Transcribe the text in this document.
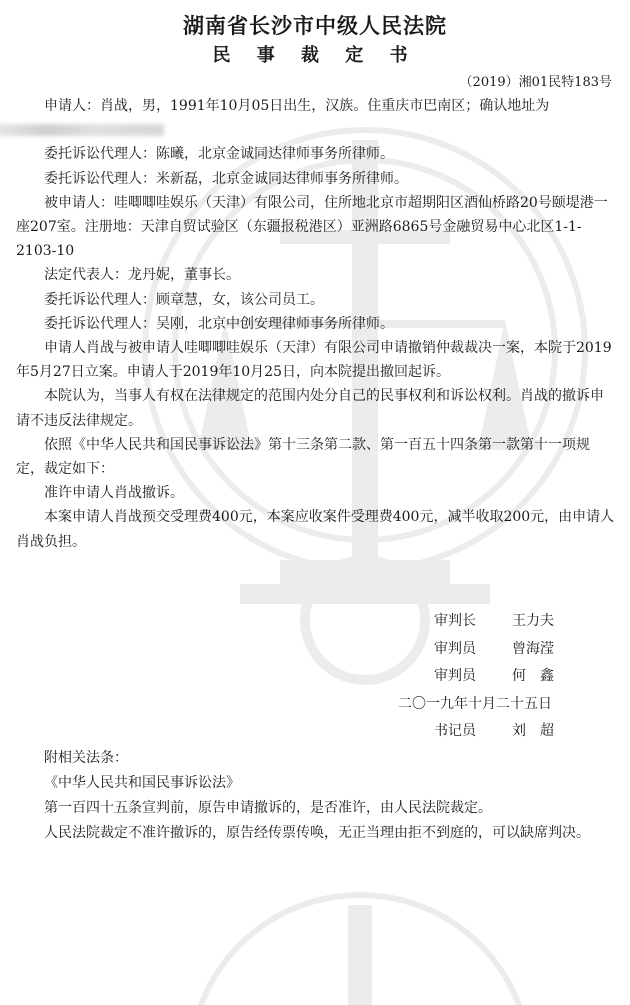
湖南省长沙市中级人民法院
民 事 裁 定 书
（2019）湘01民特183号

申请人：肖战，男，1991年10月05日出生，汉族。住重庆市巴南区；确认地址为

委托诉讼代理人：陈曦，北京金诚同达律师事务所律师。

委托诉讼代理人：米新磊，北京金诚同达律师事务所律师。

被申请人：哇唧唧哇娱乐（天津）有限公司，住所地北京市超期阳区酒仙桥路20号颐堤港一座207室。注册地：天津自贸试验区（东疆报税港区）亚洲路6865号金融贸易中心北区1-1-2103-10

法定代表人：龙丹妮，董事长。

委托诉讼代理人：顾章慧，女，该公司员工。

委托诉讼代理人：吴刚，北京中创安理律师事务所律师。

申请人肖战与被申请人哇唧唧哇娱乐（天津）有限公司申请撤销仲裁裁决一案，本院于2019年5月27日立案。申请人于2019年10月25日，向本院提出撤回起诉。

本院认为，当事人有权在法律规定的范围内处分自己的民事权利和诉讼权利。肖战的撤诉申请不违反法律规定。

依照《中华人民共和国民事诉讼法》第十三条第二款、第一百五十四条第一款第十一项规定，裁定如下：

准许申请人肖战撤诉。

本案申请人肖战预交受理费400元，本案应收案件受理费400元，减半收取200元，由申请人肖战负担。

审判长	王力夫
审判员	曾海滢
审判员	何　鑫
二〇一九年十月二十五日
书记员	刘　超

附相关法条：

《中华人民共和国民事诉讼法》

第一百四十五条宣判前，原告申请撤诉的，是否准许，由人民法院裁定。

人民法院裁定不准许撤诉的，原告经传票传唤，无正当理由拒不到庭的，可以缺席判决。
